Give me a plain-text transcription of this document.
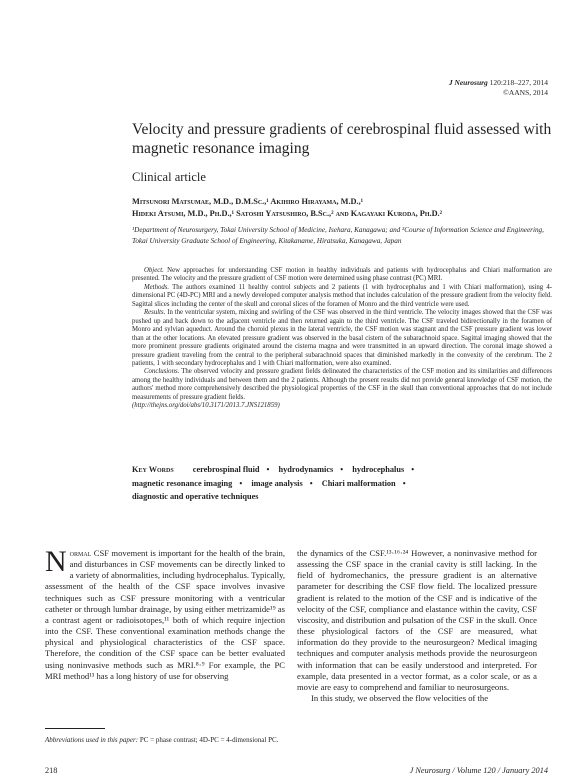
J Neurosurg 120:218–227, 2014
©AANS, 2014
Velocity and pressure gradients of cerebrospinal fluid assessed with magnetic resonance imaging
Clinical article
Mitsunori Matsumae, M.D., D.M.Sc.,¹ Akihiro Hirayama, M.D.,¹
Hideki Atsumi, M.D., Ph.D.,¹ Satoshi Yatsushiro, B.Sc.,² and Kagayaki Kuroda, Ph.D.²
¹Department of Neurosurgery, Tokai University School of Medicine, Isehara, Kanagawa; and ²Course of Information Science and Engineering, Tokai University Graduate School of Engineering, Kitakaname, Hiratsuka, Kanagawa, Japan

Object. New approaches for understanding CSF motion in healthy individuals and patients with hydrocephalus and Chiari malformation are presented. The velocity and the pressure gradient of CSF motion were determined using phase contrast (PC) MRI.

Methods. The authors examined 11 healthy control subjects and 2 patients (1 with hydrocephalus and 1 with Chiari malformation), using 4-dimensional PC (4D-PC) MRI and a newly developed computer analysis method that includes calculation of the pressure gradient from the velocity field. Sagittal slices including the center of the skull and coronal slices of the foramen of Monro and the third ventricle were used.

Results. In the ventricular system, mixing and swirling of the CSF was observed in the third ventricle. The velocity images showed that the CSF was pushed up and back down to the adjacent ventricle and then returned again to the third ventricle. The CSF traveled bidirectionally in the foramen of Monro and sylvian aqueduct. Around the choroid plexus in the lateral ventricle, the CSF motion was stagnant and the CSF pressure gradient was lower than at the other locations. An elevated pressure gradient was observed in the basal cistern of the subarachnoid space. Sagittal imaging showed that the more prominent pressure gradients originated around the cisterna magna and were transmitted in an upward direction. The coronal image showed a pressure gradient traveling from the central to the peripheral subarachnoid spaces that diminished markedly in the convexity of the cerebrum. The 2 patients, 1 with secondary hydrocephalus and 1 with Chiari malformation, were also examined.

Conclusions. The observed velocity and pressure gradient fields delineated the characteristics of the CSF motion and its similarities and differences among the healthy individuals and between them and the 2 patients. Although the present results did not provide general knowledge of CSF motion, the authors' method more comprehensively described the physiological properties of the CSF in the skull than conventional approaches that do not include measurements of pressure gradient fields.
(http://thejns.org/doi/abs/10.3171/2013.7.JNS121859)

Key Words cerebrospinal fluid • hydrodynamics • hydrocephalus •
magnetic resonance imaging • image analysis • Chiari malformation •
diagnostic and operative techniques

Normal CSF movement is important for the health of the brain, and disturbances in CSF movements can be directly linked to a variety of abnormalities, including hydrocephalus. Typically, assessment of the health of the CSF space involves invasive techniques such as CSF pressure monitoring with a ventricular catheter or through lumbar drainage, by using either metrizamide¹⁹ as a contrast agent or radioisotopes,¹¹ both of which require injection into the CSF. These conventional examination methods change the physical and physiological characteristics of the CSF space. Therefore, the condition of the CSF space can be better evaluated using noninvasive methods such as MRI.⁸·⁹ For example, the PC MRI method¹³ has a long history of use for observing

the dynamics of the CSF.¹³·¹⁶·²⁴ However, a noninvasive method for assessing the CSF space in the cranial cavity is still lacking. In the field of hydromechanics, the pressure gradient is an alternative parameter for describing the CSF flow field. The localized pressure gradient is related to the motion of the CSF and is indicative of the velocity of the CSF, compliance and elastance within the cavity, CSF viscosity, and distribution and pulsation of the CSF in the skull. Once these physiological factors of the CSF are measured, what information do they provide to the neurosurgeon? Medical imaging techniques and computer analysis methods provide the neurosurgeon with information that can be easily understood and interpreted. For example, data presented in a vector format, as a color scale, or as a movie are easy to comprehend and familiar to neurosurgeons.

In this study, we observed the flow velocities of the

Abbreviations used in this paper: PC = phase contrast; 4D-PC = 4-dimensional PC.
218	J Neurosurg / Volume 120 / January 2014
